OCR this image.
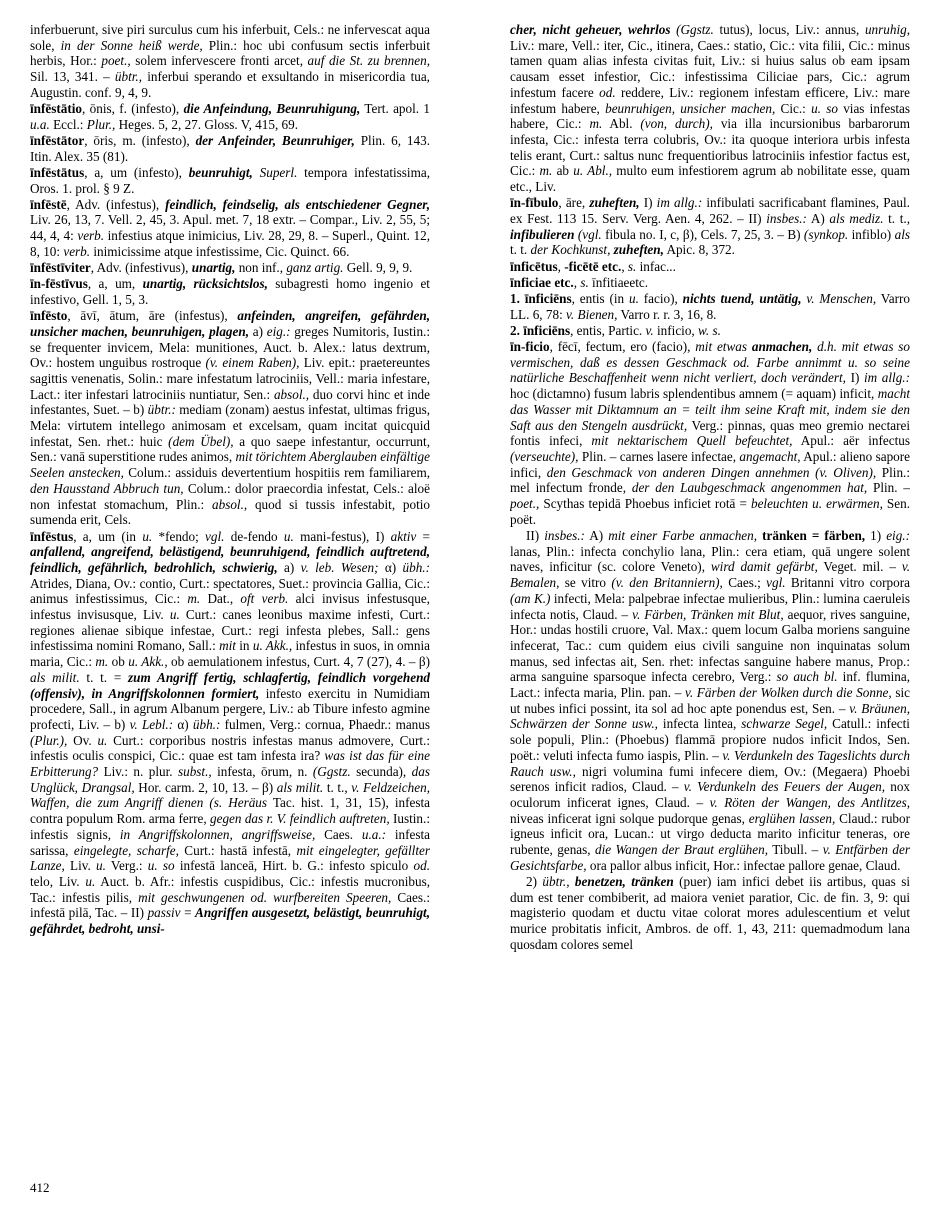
inferbuerunt, sive piri surculus cum his inferbuit, Cels.: ne infervescat aqua sole, in der Sonne heiß werde, Plin.: hoc ubi confusum sectis inferbuit herbis, Hor.: poet., solem infervescere fronti arcet, auf die St. zu brennen, Sil. 13, 341. – übtr., inferbui sperando et exsultando in misericordia tua, Augustin. conf. 9, 4, 9.

īnfēstātio, ōnis, f. (infesto), die Anfeindung, Beunruhigung, Tert. apol. 1 u.a. Eccl.: Plur., Heges. 5, 2, 27. Gloss. V, 415, 69.

īnfēstātor, ōris, m. (infesto), der Anfeinder, Beunruhiger, Plin. 6, 143. Itin. Alex. 35 (81).

īnfēstātus, a, um (infesto), beunruhigt, Superl. tempora infestatissima, Oros. 1. prol. § 9 Z.

īnfēstē, Adv. (infestus), feindlich, feindselig, als entschiedener Gegner, Liv. 26, 13, 7. Vell. 2, 45, 3. Apul. met. 7, 18 extr. – Compar., Liv. 2, 55, 5; 44, 4, 4: verb. infestius atque inimicius, Liv. 28, 29, 8. – Superl., Quint. 12, 8, 10: verb. inimicissime atque infestissime, Cic. Quinct. 66.

īnfēstīviter, Adv. (infestivus), unartig, non inf., ganz artig. Gell. 9, 9, 9.

īn-fēstīvus, a, um, unartig, rücksichtslos, subagresti homo ingenio et infestivo, Gell. 1, 5, 3.

īnfēsto, āvī, ātum, āre (infestus), anfeinden, angreifen, gefährden, unsicher machen, beunruhigen, plagen, a) eig.: greges Numitoris, Iustin.: se frequenter invicem, Mela: munitiones, Auct. b. Alex.: latus dextrum, Ov.: hostem unguibus rostroque (v. einem Raben), Liv. epit.: praetereuntes sagittis venenatis, Solin.: mare infestatum latrociniis, Vell.: maria infestare, Lact.: iter infestari latrociniis nuntiatur, Sen.: absol., duo corvi hinc et inde infestantes, Suet. – b) übtr.: mediam (zonam) aestus infestat, ultimas frigus, Mela: virtutem intellego animosam et excelsam, quam incitat quicquid infestat, Sen. rhet.: huic (dem Übel), a quo saepe infestantur, occurrunt, Sen.: vanā superstitione rudes animos, mit törichtem Aberglauben einfältige Seelen anstecken, Colum.: assiduis devertentium hospitiis rem familiarem, den Hausstand Abbruch tun, Colum.: dolor praecordia infestat, Cels.: aloë non infestat stomachum, Plin.: absol., quod si tussis infestabit, potio sumenda erit, Cels.

īnfēstus, a, um (in u. *fendo; vgl. de-fendo u. mani-festus), I) aktiv = anfallend, angreifend, belästigend, beunruhigend, feindlich auftretend, feindlich, gefährlich, bedrohlich, schwierig, a) v. leb. Wesen; α) übh.: Atrides, Diana, Ov.: contio, Curt.: spectatores, Suet.: provincia Gallia, Cic.: animus infestissimus, Cic.: m. Dat., oft verb. alci invisus infestusque, infestus invisusque, Liv. u. Curt.: canes leonibus maxime infesti, Curt.: regiones alienae sibique infestae, Curt.: regi infesta plebes, Sall.: gens infestissima nomini Romano, Sall.: mit in u. Akk., infestus in suos, in omnia maria, Cic.: m. ob u. Akk., ob aemulationem infestus, Curt. 4, 7 (27), 4. – β) als milit. t. t. = zum Angriff fertig, schlagfertig, feindlich vorgehend (offensiv), in Angriffskolonnen formiert, infesto exercitu in Numidiam procedere, Sall., in agrum Albanum pergere, Liv.: ab Tibure infesto agmine profecti, Liv. – b) v. Lebl.: α) übh.: fulmen, Verg.: cornua, Phaedr.: manus (Plur.), Ov. u. Curt.: corporibus nostris infestas manus admovere, Curt.: infestis oculis conspici, Cic.: quae est tam infesta ira? was ist das für eine Erbitterung? Liv.: n. plur. subst., infesta, ōrum, n. (Ggstz. secunda), das Unglück, Drangsal, Hor. carm. 2, 10, 13. – β) als milit. t. t., v. Feldzeichen, Waffen, die zum Angriff dienen (s. Heräus Tac. hist. 1, 31, 15), infesta contra populum Rom. arma ferre, gegen das r. V. feindlich auftreten, Iustin.: infestis signis, in Angriffskolonnen, angriffsweise, Caes. u.a.: infesta sarissa, eingelegte, scharfe, Curt.: hastā infestā, mit eingelegter, gefällter Lanze, Liv. u. Verg.: u. so infestā lanceā, Hirt. b. G.: infesto spiculo od. telo, Liv. u. Auct. b. Afr.: infestis cuspidibus, Cic.: infestis mucronibus, Tac.: infestis pilis, mit geschwungenen od. wurfbereiten Speeren, Caes.: infestā pilā, Tac. – II) passiv = Angriffen ausgesetzt, belästigt, beunruhigt, gefährdet, bedroht, unsi-

cher, nicht geheuer, wehrlos (Ggstz. tutus), locus, Liv.: annus, unruhig, Liv.: mare, Vell.: iter, Cic., itinera, Caes.: statio, Cic.: vita filii, Cic.: minus tamen quam alias infesta civitas fuit, Liv.: si huius salus ob eam ipsam causam esset infestior, Cic.: infestissima Ciliciae pars, Cic.: agrum infestum facere od. reddere, Liv.: regionem infestam efficere, Liv.: mare infestum habere, beunruhigen, unsicher machen, Cic.: u. so vias infestas habere, Cic.: m. Abl. (von, durch), via illa incursionibus barbarorum infesta, Cic.: infesta terra colubris, Ov.: ita quoque interiora urbis infesta telis erant, Curt.: saltus nunc frequentioribus latrociniis infestior factus est, Cic.: m. ab u. Abl., multo eum infestiorem agrum ab nobilitate esse, quam etc., Liv.

īn-fībulo, āre, zuheften, I) im allg.: infibulati sacrificabant flamines, Paul. ex Fest. 113 15. Serv. Verg. Aen. 4, 262. – II) insbes.: A) als mediz. t. t., infibulieren (vgl. fibula no. I, c, β), Cels. 7, 25, 3. – B) (synkop. infiblo) als t. t. der Kochkunst, zuheften, Apic. 8, 372.

īnficētus, -ficētē etc., s. infac...

īnficiae etc., s. īnfitiaeetc.

1. īnficiēns, entis (in u. facio), nichts tuend, untätig, v. Menschen, Varro LL. 6, 78: v. Bienen, Varro r. r. 3, 16, 8.

2. īnficiēns, entis, Partic. v. inficio, w. s.

īn-ficio, fēcī, fectum, ero (facio), mit etwas anmachen, d.h. mit etwas so vermischen, daß es dessen Geschmack od. Farbe annimmt u. so seine natürliche Beschaffenheit wenn nicht verliert, doch verändert, I) im allg.: hoc (dictamno) fusum labris splendentibus amnem (= aquam) inficit, macht das Wasser mit Diktamnum an = teilt ihm seine Kraft mit, indem sie den Saft aus den Stengeln ausdrückt, Verg.: pinnas, quas meo gremio nectarei fontis infeci, mit nektarischem Quell befeuchtet, Apul.: aër infectus (verseuchte), Plin. – carnes lasere infectae, angemacht, Apul.: alieno sapore infici, den Geschmack von anderen Dingen annehmen (v. Oliven), Plin.: mel infectum fronde, der den Laubgeschmack angenommen hat, Plin. – poet., Scythas tepidā Phoebus inficiet rotā = beleuchten u. erwärmen, Sen. poët.

II) insbes.: A) mit einer Farbe anmachen, tränken = färben, 1) eig.: lanas, Plin.: infecta conchylio lana, Plin.: cera etiam, quā ungere solent naves, inficitur (sc. colore Veneto), wird damit gefärbt, Veget. mil. – v. Bemalen, se vitro (v. den Britanniern), Caes.; vgl. Britanni vitro corpora (am K.) infecti, Mela: palpebrae infectae mulieribus, Plin.: lumina caeruleis infecta notis, Claud. – v. Färben, Tränken mit Blut, aequor, rives sanguine, Hor.: undas hostili cruore, Val. Max.: quem locum Galba moriens sanguine infecerat, Tac.: cum quidem eius civili sanguine non inquinatas solum manus, sed infectas ait, Sen. rhet: infectas sanguine habere manus, Prop.: arma sanguine sparsoque infecta cerebro, Verg.: so auch bl. inf. flumina, Lact.: infecta maria, Plin. pan. – v. Färben der Wolken durch die Sonne, sic ut nubes infici possint, ita sol ad hoc apte ponendus est, Sen. – v. Bräunen, Schwärzen der Sonne usw., infecta lintea, schwarze Segel, Catull.: infecti sole populi, Plin.: (Phoebus) flammā propiore nudos inficit Indos, Sen. poët.: veluti infecta fumo iaspis, Plin. – v. Verdunkeln des Tageslichts durch Rauch usw., nigri volumina fumi infecere diem, Ov.: (Megaera) Phoebi serenos inficit radios, Claud. – v. Verdunkeln des Feuers der Augen, nox oculorum inficerat ignes, Claud. – v. Röten der Wangen, des Antlitzes, niveas inficerat igni solque pudorque genas, erglühen lassen, Claud.: rubor igneus inficit ora, Lucan.: ut virgo deducta marito inficitur teneras, ore rubente, genas, die Wangen der Braut erglühen, Tibull. – v. Entfärben der Gesichtsfarbe, ora pallor albus inficit, Hor.: infectae pallore genae, Claud.

2) übtr., benetzen, tränken (puer) iam infici debet iis artibus, quas si dum est tener combiberit, ad maiora veniet paratior, Cic. de fin. 3, 9: qui magisterio quodam et ductu vitae colorat mores adulescentium et velut murice probitatis inficit, Ambros. de off. 1, 43, 211: quemadmodum lana quosdam colores semel

412
